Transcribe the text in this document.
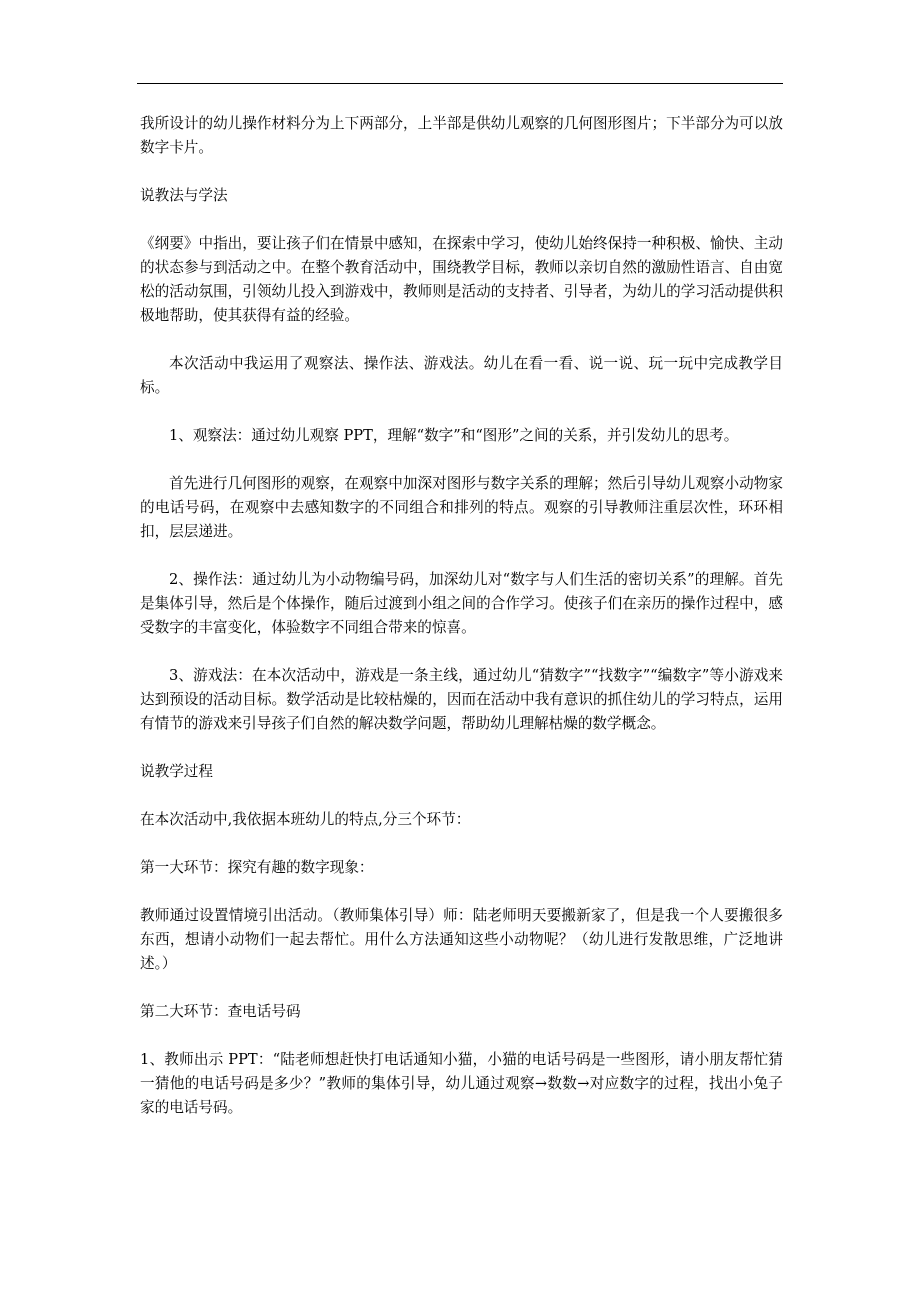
我所设计的幼儿操作材料分为上下两部分，上半部是供幼儿观察的几何图形图片；下半部分为可以放数字卡片。

说教法与学法

《纲要》中指出，要让孩子们在情景中感知，在探索中学习，使幼儿始终保持一种积极、愉快、主动的状态参与到活动之中。在整个教育活动中，围绕教学目标，教师以亲切自然的激励性语言、自由宽松的活动氛围，引领幼儿投入到游戏中，教师则是活动的支持者、引导者，为幼儿的学习活动提供积极地帮助，使其获得有益的经验。

本次活动中我运用了观察法、操作法、游戏法。幼儿在看一看、说一说、玩一玩中完成教学目标。

1、观察法：通过幼儿观察 PPT，理解“数字”和“图形”之间的关系，并引发幼儿的思考。

首先进行几何图形的观察，在观察中加深对图形与数字关系的理解；然后引导幼儿观察小动物家的电话号码，在观察中去感知数字的不同组合和排列的特点。观察的引导教师注重层次性，环环相扣，层层递进。

2、操作法：通过幼儿为小动物编号码，加深幼儿对“数字与人们生活的密切关系”的理解。首先是集体引导，然后是个体操作，随后过渡到小组之间的合作学习。使孩子们在亲历的操作过程中，感受数字的丰富变化，体验数字不同组合带来的惊喜。

3、游戏法：在本次活动中，游戏是一条主线，通过幼儿“猜数字”“找数字”“编数字”等小游戏来达到预设的活动目标。数学活动是比较枯燥的，因而在活动中我有意识的抓住幼儿的学习特点，运用有情节的游戏来引导孩子们自然的解决数学问题，帮助幼儿理解枯燥的数学概念。

说教学过程

在本次活动中,我依据本班幼儿的特点,分三个环节：

第一大环节：探究有趣的数字现象：

教师通过设置情境引出活动。（教师集体引导）师：陆老师明天要搬新家了，但是我一个人要搬很多东西，想请小动物们一起去帮忙。用什么方法通知这些小动物呢？（幼儿进行发散思维，广泛地讲述。）

第二大环节：查电话号码

1、教师出示 PPT：“陆老师想赶快打电话通知小猫，小猫的电话号码是一些图形，请小朋友帮忙猜一猜他的电话号码是多少？”教师的集体引导，幼儿通过观察→数数→对应数字的过程，找出小兔子家的电话号码。
